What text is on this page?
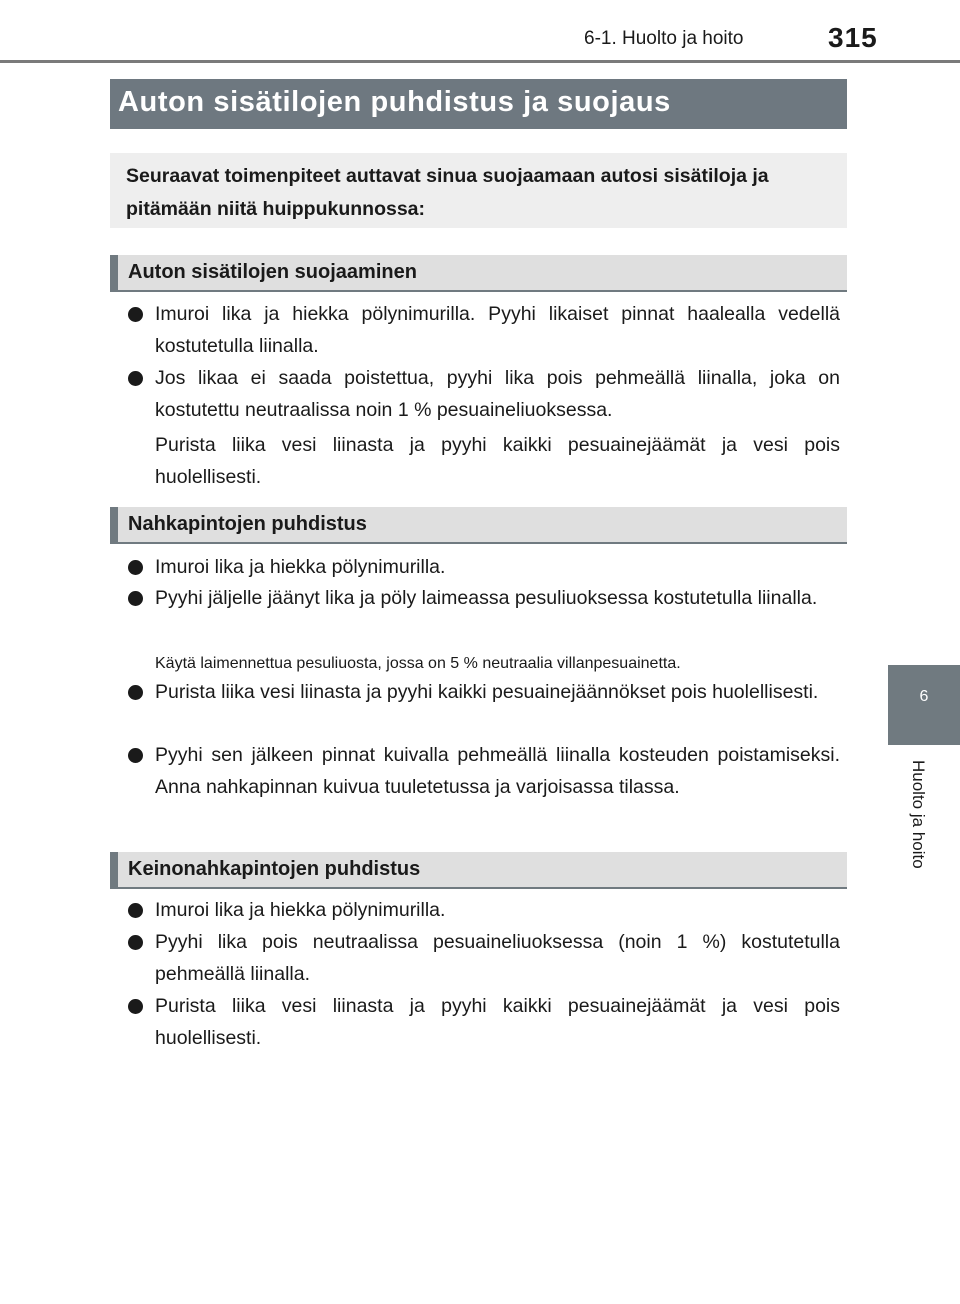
6-1. Huolto ja hoito	315
6
Huolto ja hoito
Auton sisätilojen puhdistus ja suojaus
Seuraavat toimenpiteet auttavat sinua suojaamaan autosi sisätiloja ja pitämään niitä huippukunnossa:
Auton sisätilojen suojaaminen
Imuroi lika ja hiekka pölynimurilla. Pyyhi likaiset pinnat haalealla vedellä kostutetulla liinalla.
Jos likaa ei saada poistettua, pyyhi lika pois pehmeällä liinalla, joka on kostutettu neutraalissa noin 1 % pesuaineliuoksessa.
Purista liika vesi liinasta ja pyyhi kaikki pesuainejäämät ja vesi pois huolellisesti.
Nahkapintojen puhdistus
Imuroi lika ja hiekka pölynimurilla.
Pyyhi jäljelle jäänyt lika ja pöly laimeassa pesuliuoksessa kostutetulla liinalla.
Käytä laimennettua pesuliuosta, jossa on 5 % neutraalia villanpesuainetta.
Purista liika vesi liinasta ja pyyhi kaikki pesuainejäännökset pois huolellisesti.
Pyyhi sen jälkeen pinnat kuivalla pehmeällä liinalla kosteuden poistamiseksi. Anna nahkapinnan kuivua tuuletetussa ja varjoisassa tilassa.
Keinonahkapintojen puhdistus
Imuroi lika ja hiekka pölynimurilla.
Pyyhi lika pois neutraalissa pesuaineliuoksessa (noin 1 %) kostutetulla pehmeällä liinalla.
Purista liika vesi liinasta ja pyyhi kaikki pesuainejäämät ja vesi pois huolellisesti.
